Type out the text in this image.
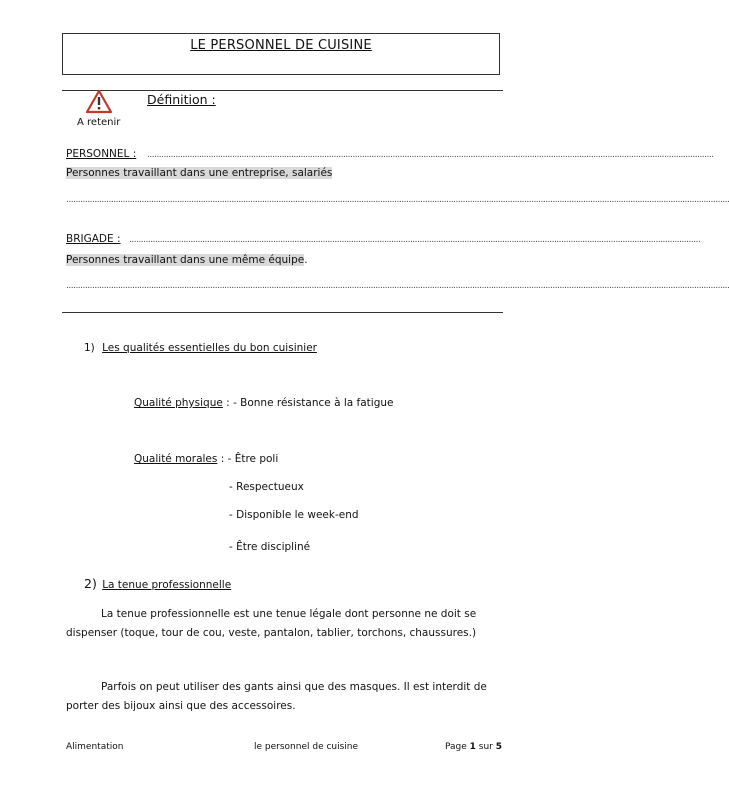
LE PERSONNEL DE CUISINE
A retenir
Définition :
PERSONNEL : ................................................................................................................................................................................................................................................
Personnes travaillant dans une entreprise, salariés
.........................................................................................................................................................................................................................................................................................
BRIGADE : ..................................................................................................................................................................................................................................................
Personnes travaillant dans une même équipe.
.........................................................................................................................................................................................................................................................................................
1) Les qualités essentielles du bon cuisinier
Qualité physique : - Bonne résistance à la fatigue
Qualité morales : - Être poli
- Respectueux
- Disponible le week-end
- Être discipliné
2) La tenue professionnelle
La tenue professionnelle est une tenue légale dont personne ne doit se
dispenser (toque, tour de cou, veste, pantalon, tablier, torchons, chaussures.)
Parfois on peut utiliser des gants ainsi que des masques. Il est interdit de
porter des bijoux ainsi que des accessoires.
Alimentation	le personnel de cuisine	Page 1 sur 5
